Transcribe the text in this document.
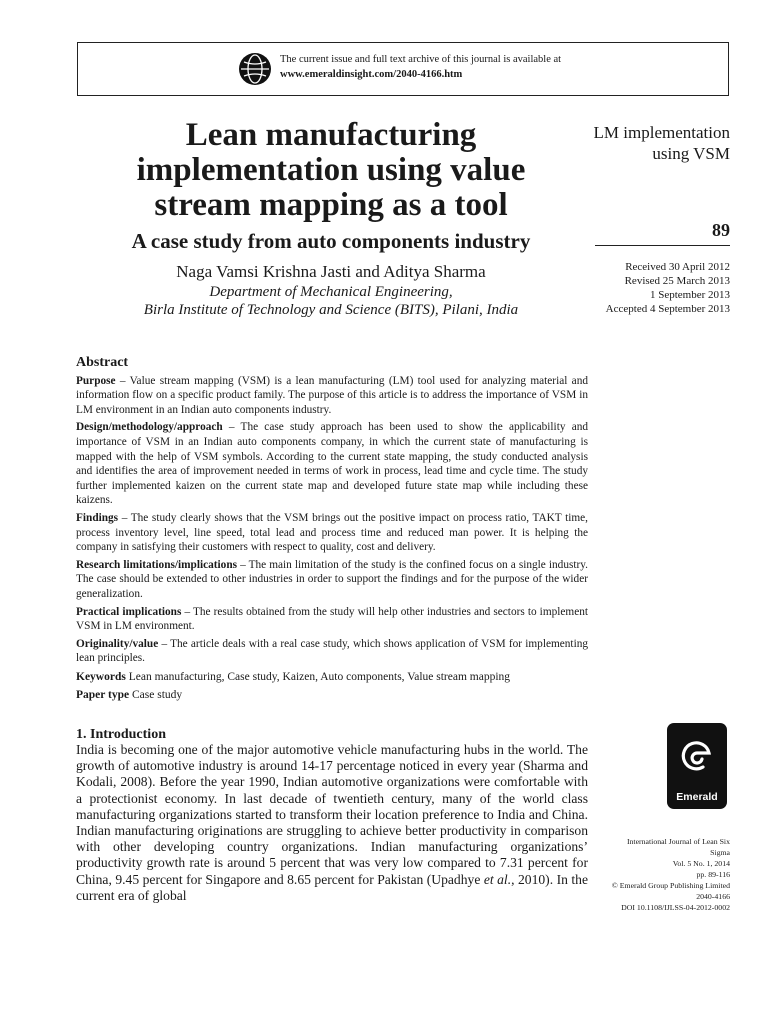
The current issue and full text archive of this journal is available at
www.emeraldinsight.com/2040-4166.htm
Lean manufacturing implementation using value stream mapping as a tool
A case study from auto components industry
Naga Vamsi Krishna Jasti and Aditya Sharma
Department of Mechanical Engineering,
Birla Institute of Technology and Science (BITS), Pilani, India
LM implementation using VSM
89
Received 30 April 2012
Revised 25 March 2013
1 September 2013
Accepted 4 September 2013
Abstract

Purpose – Value stream mapping (VSM) is a lean manufacturing (LM) tool used for analyzing material and information flow on a specific product family. The purpose of this article is to address the importance of VSM in LM environment in an Indian auto components industry.

Design/methodology/approach – The case study approach has been used to show the applicability and importance of VSM in an Indian auto components company, in which the current state of manufacturing is mapped with the help of VSM symbols. According to the current state mapping, the study conducted analysis and identifies the area of improvement needed in terms of work in process, lead time and cycle time. The study further implemented kaizen on the current state map and developed future state map while including these kaizens.

Findings – The study clearly shows that the VSM brings out the positive impact on process ratio, TAKT time, process inventory level, line speed, total lead and process time and reduced man power. It is helping the company in satisfying their customers with respect to quality, cost and delivery.

Research limitations/implications – The main limitation of the study is the confined focus on a single industry. The case should be extended to other industries in order to support the findings and for the purpose of the wider generalization.

Practical implications – The results obtained from the study will help other industries and sectors to implement VSM in LM environment.

Originality/value – The article deals with a real case study, which shows application of VSM for implementing lean principles.

Keywords Lean manufacturing, Case study, Kaizen, Auto components, Value stream mapping

Paper type Case study

1. Introduction
India is becoming one of the major automotive vehicle manufacturing hubs in the world. The growth of automotive industry is around 14-17 percentage noticed in every year (Sharma and Kodali, 2008). Before the year 1990, Indian automotive organizations were comfortable with a protectionist economy. In last decade of twentieth century, many of the world class manufacturing organizations started to transform their location preference to India and China. Indian manufacturing originations are struggling to achieve better productivity in comparison with other developing country organizations. Indian manufacturing organizations’ productivity growth rate is around 5 percent that was very low compared to 7.31 percent for China, 9.45 percent for Singapore and 8.65 percent for Pakistan (Upadhye et al., 2010). In the current era of global
Emerald
International Journal of Lean Six
Sigma
Vol. 5 No. 1, 2014
pp. 89-116
© Emerald Group Publishing Limited
2040-4166
DOI 10.1108/IJLSS-04-2012-0002
